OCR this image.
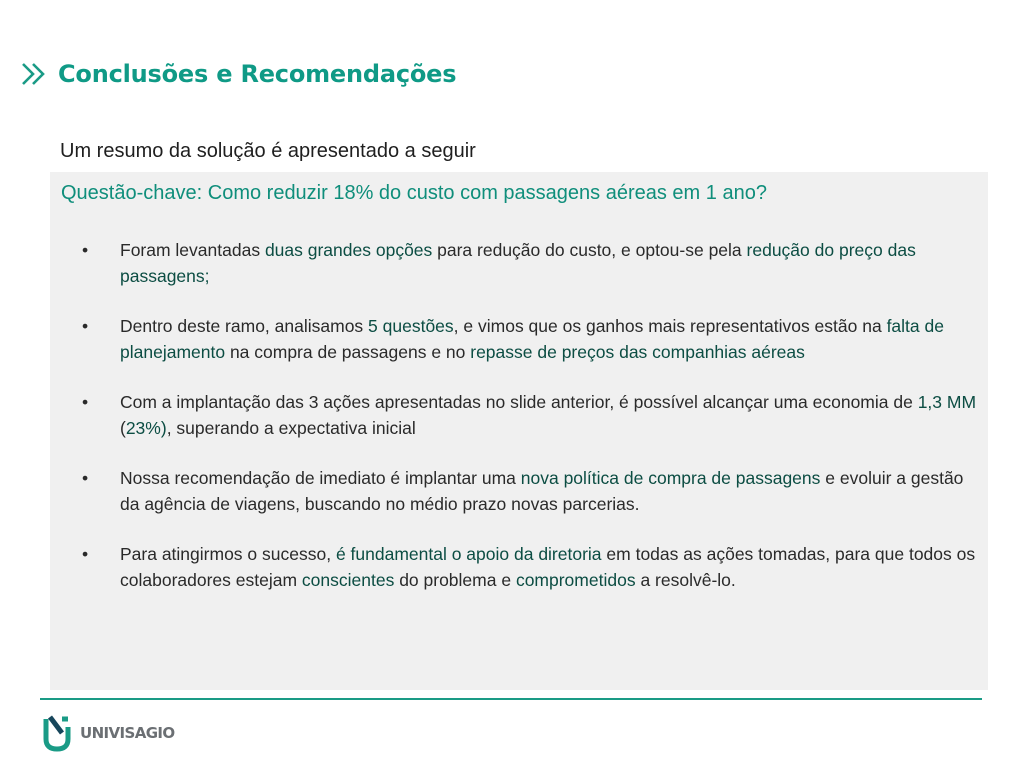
Conclusões e Recomendações
Um resumo da solução é apresentado a seguir
Questão-chave: Como reduzir 18% do custo com passagens aéreas em 1 ano?
• Foram levantadas duas grandes opções para redução do custo, e optou-se pela redução do preço das passagens;
• Dentro deste ramo, analisamos 5 questões, e vimos que os ganhos mais representativos estão na falta de planejamento na compra de passagens e no repasse de preços das companhias aéreas
• Com a implantação das 3 ações apresentadas no slide anterior, é possível alcançar uma economia de 1,3 MM (23%), superando a expectativa inicial
• Nossa recomendação de imediato é implantar uma nova política de compra de passagens e evoluir a gestão da agência de viagens, buscando no médio prazo novas parcerias.
• Para atingirmos o sucesso, é fundamental o apoio da diretoria em todas as ações tomadas, para que todos os colaboradores estejam conscientes do problema e comprometidos a resolvê-lo.
UNIVISAGIO
